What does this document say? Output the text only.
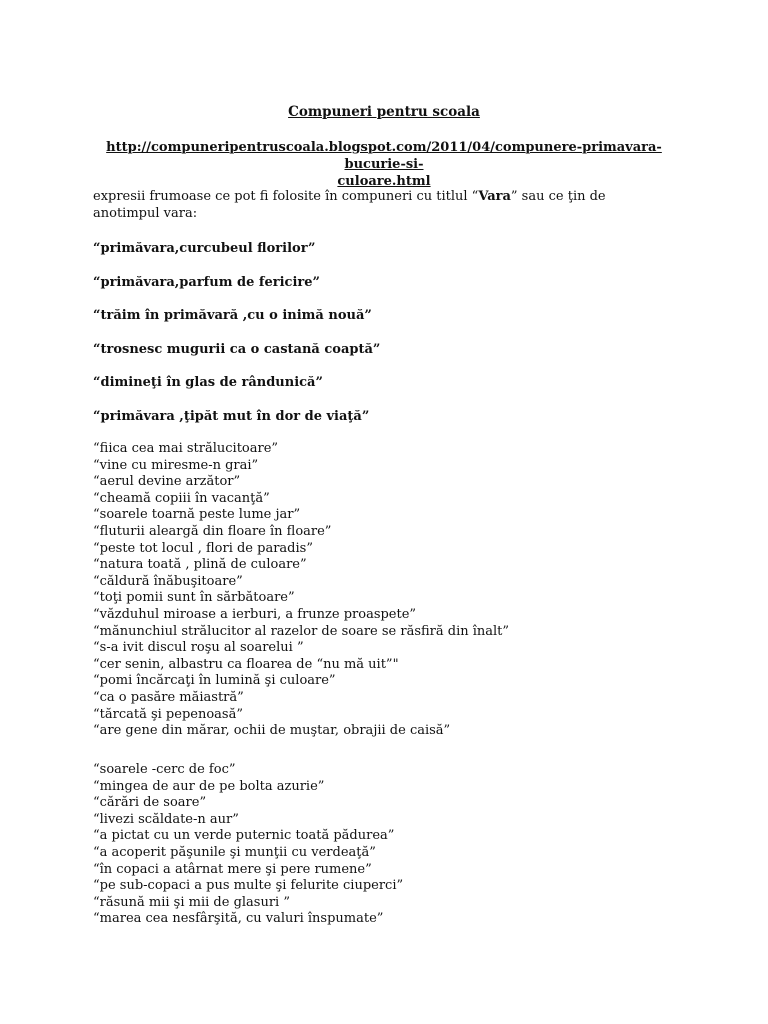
Compuneri pentru scoala
http://compuneripentruscoala.blogspot.com/2011/04/compunere-primavara-bucurie-si-
culoare.html
expresii frumoase ce pot fi folosite în compuneri cu titlul “Vara” sau ce ţin de anotimpul vara:
“primăvara,curcubeul florilor”
“primăvara,parfum de fericire”
“trăim în primăvară ,cu o inimă nouă”
“trosnesc mugurii ca o castană coaptă”
“dimineţi în glas de rândunică”
“primăvara ,ţipăt mut în dor de viaţă”
“fiica cea mai strălucitoare”
“vine cu miresme-n grai”
“aerul devine arzător”
“cheamă copiii în vacanţă”
“soarele toarnă peste lume jar”
“fluturii aleargă din floare în floare”
“peste tot locul , flori de paradis”
“natura toată , plină de culoare”
“căldură înăbuşitoare”
“toţi pomii sunt în sărbătoare”
“văzduhul miroase a ierburi, a frunze proaspete”
“mănunchiul strălucitor al razelor de soare se răsfiră din înalt”
“s-a ivit discul roşu al soarelui ”
“cer senin, albastru ca floarea de “nu mă uit”"
“pomi încărcaţi în lumină şi culoare”
“ca o pasăre măiastră”
“tărcată şi pepenoasă”
“are gene din mărar, ochii de muştar, obrajii de caisă”
“soarele -cerc de foc”
“mingea de aur de pe bolta azurie”
“cărări de soare”
“livezi scăldate-n aur”
“a pictat cu un verde puternic toată pădurea”
“a acoperit păşunile şi munţii cu verdeaţă”
“în copaci a atârnat mere şi pere rumene”
“pe sub-copaci a pus multe şi felurite ciuperci”
“răsună mii şi mii de glasuri ”
“marea cea nesfârşită, cu valuri înspumate”
